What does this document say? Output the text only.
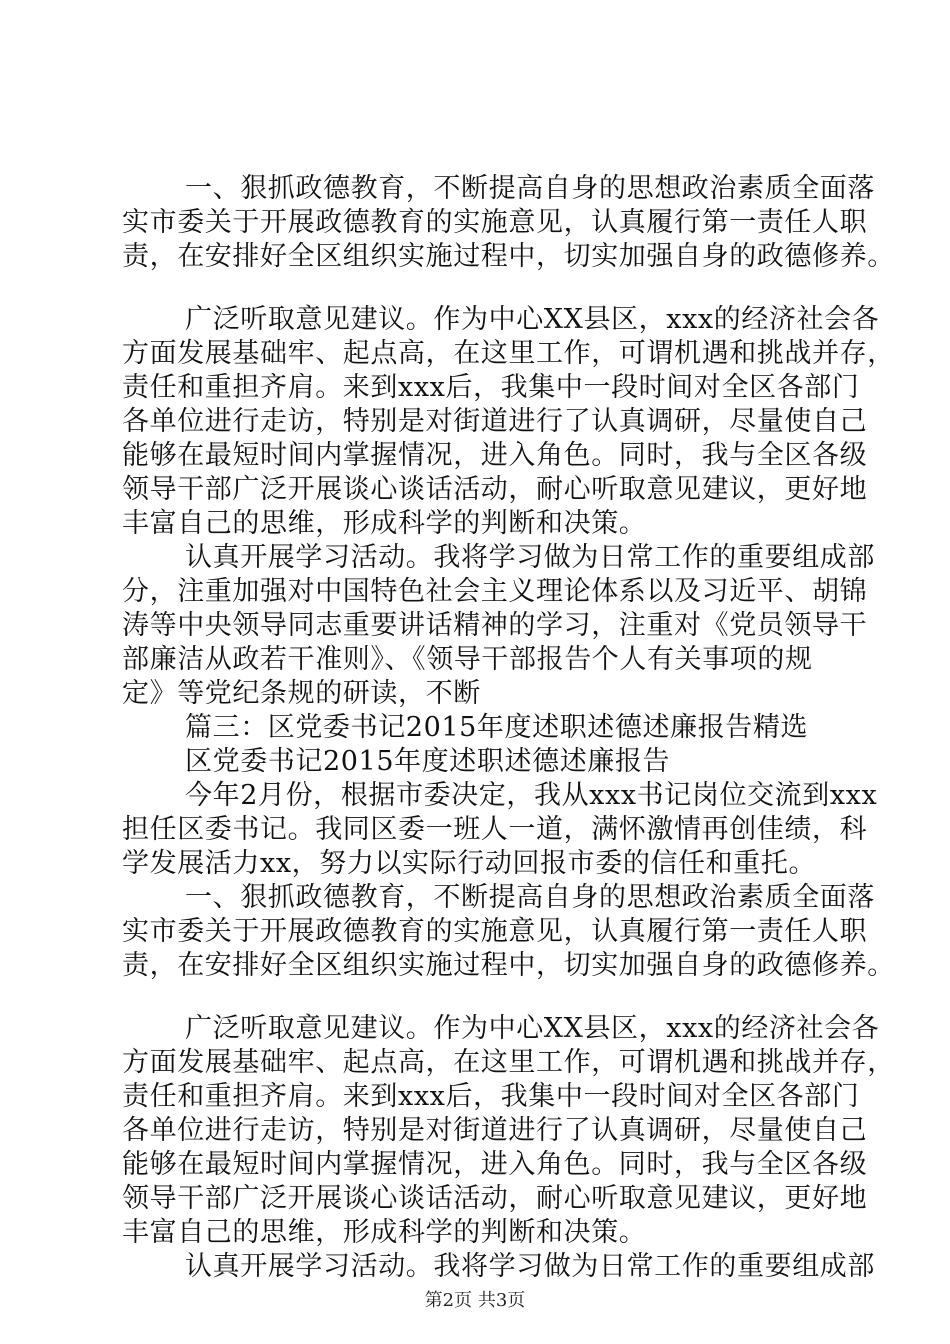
一、狠抓政德教育，不断提高自身的思想政治素质全面落
实市委关于开展政德教育的实施意见，认真履行第一责任人职
责，在安排好全区组织实施过程中，切实加强自身的政德修养。
广泛听取意见建议。作为中心XX县区，xxx的经济社会各
方面发展基础牢、起点高，在这里工作，可谓机遇和挑战并存，
责任和重担齐肩。来到xxx后，我集中一段时间对全区各部门
各单位进行走访，特别是对街道进行了认真调研，尽量使自己
能够在最短时间内掌握情况，进入角色。同时，我与全区各级
领导干部广泛开展谈心谈话活动，耐心听取意见建议，更好地
丰富自己的思维，形成科学的判断和决策。
认真开展学习活动。我将学习做为日常工作的重要组成部
分，注重加强对中国特色社会主义理论体系以及习近平、胡锦
涛等中央领导同志重要讲话精神的学习，注重对《党员领导干
部廉洁从政若干准则》、《领导干部报告个人有关事项的规
定》等党纪条规的研读，不断
篇三：区党委书记2015年度述职述德述廉报告精选
区党委书记2015年度述职述德述廉报告
今年2月份，根据市委决定，我从xxx书记岗位交流到xxx
担任区委书记。我同区委一班人一道，满怀激情再创佳绩，科
学发展活力xx，努力以实际行动回报市委的信任和重托。
一、狠抓政德教育，不断提高自身的思想政治素质全面落
实市委关于开展政德教育的实施意见，认真履行第一责任人职
责，在安排好全区组织实施过程中，切实加强自身的政德修养。
广泛听取意见建议。作为中心XX县区，xxx的经济社会各
方面发展基础牢、起点高，在这里工作，可谓机遇和挑战并存，
责任和重担齐肩。来到xxx后，我集中一段时间对全区各部门
各单位进行走访，特别是对街道进行了认真调研，尽量使自己
能够在最短时间内掌握情况，进入角色。同时，我与全区各级
领导干部广泛开展谈心谈话活动，耐心听取意见建议，更好地
丰富自己的思维，形成科学的判断和决策。
认真开展学习活动。我将学习做为日常工作的重要组成部
第2页 共3页
